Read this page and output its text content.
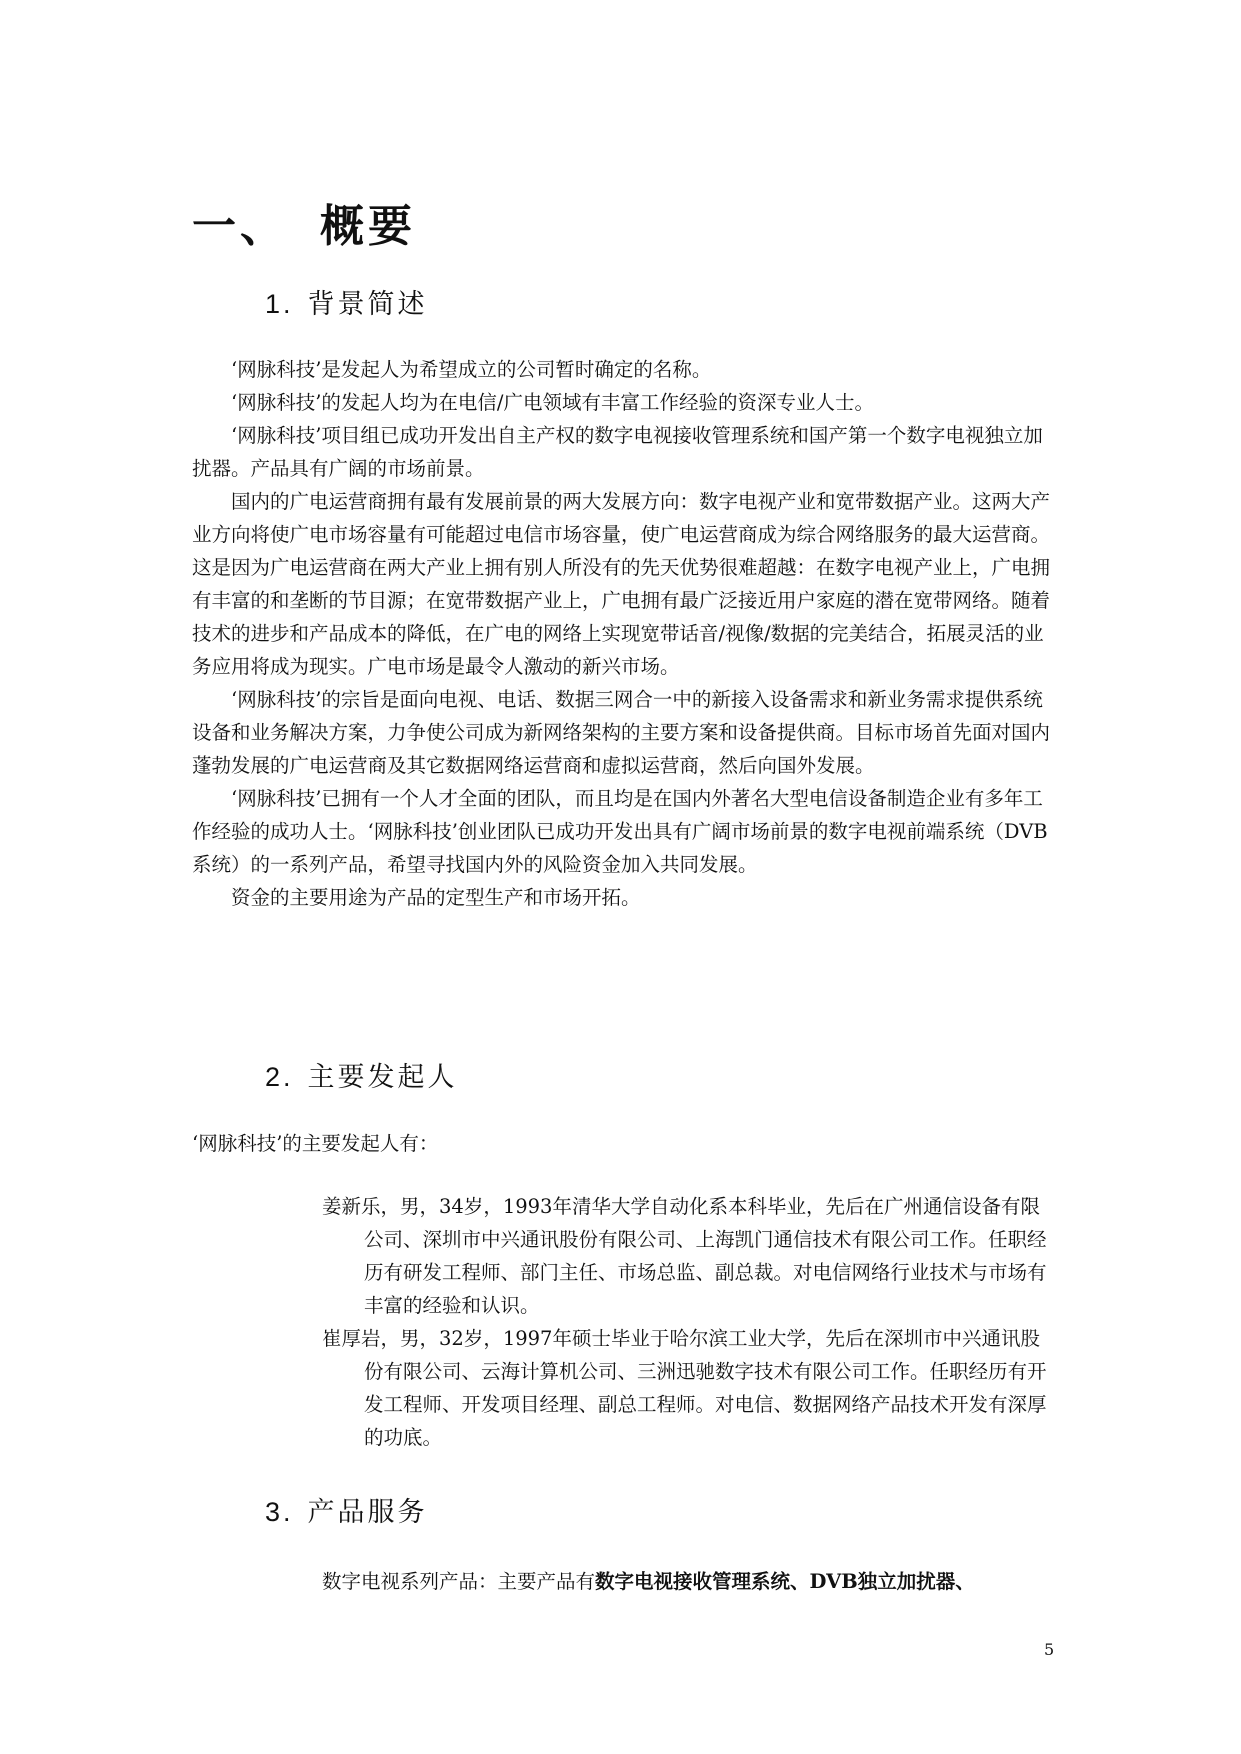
一、 概要
1. 背景简述

‘网脉科技’是发起人为希望成立的公司暂时确定的名称。

‘网脉科技’的发起人均为在电信/广电领域有丰富工作经验的资深专业人士。

‘网脉科技’项目组已成功开发出自主产权的数字电视接收管理系统和国产第一个数字电视独立加扰器。产品具有广阔的市场前景。

国内的广电运营商拥有最有发展前景的两大发展方向：数字电视产业和宽带数据产业。这两大产业方向将使广电市场容量有可能超过电信市场容量，使广电运营商成为综合网络服务的最大运营商。这是因为广电运营商在两大产业上拥有别人所没有的先天优势很难超越：在数字电视产业上，广电拥有丰富的和垄断的节目源；在宽带数据产业上，广电拥有最广泛接近用户家庭的潜在宽带网络。随着技术的进步和产品成本的降低，在广电的网络上实现宽带话音/视像/数据的完美结合，拓展灵活的业务应用将成为现实。广电市场是最令人激动的新兴市场。

‘网脉科技’的宗旨是面向电视、电话、数据三网合一中的新接入设备需求和新业务需求提供系统设备和业务解决方案，力争使公司成为新网络架构的主要方案和设备提供商。目标市场首先面对国内蓬勃发展的广电运营商及其它数据网络运营商和虚拟运营商，然后向国外发展。

‘网脉科技’已拥有一个人才全面的团队，而且均是在国内外著名大型电信设备制造企业有多年工作经验的成功人士。‘网脉科技’创业团队已成功开发出具有广阔市场前景的数字电视前端系统（DVB系统）的一系列产品，希望寻找国内外的风险资金加入共同发展。

资金的主要用途为产品的定型生产和市场开拓。

2. 主要发起人

‘网脉科技’的主要发起人有：

姜新乐，男，34岁，1993年清华大学自动化系本科毕业，先后在广州通信设备有限公司、深圳市中兴通讯股份有限公司、上海凯门通信技术有限公司工作。任职经历有研发工程师、部门主任、市场总监、副总裁。对电信网络行业技术与市场有丰富的经验和认识。

崔厚岩，男，32岁，1997年硕士毕业于哈尔滨工业大学，先后在深圳市中兴通讯股份有限公司、云海计算机公司、三洲迅驰数字技术有限公司工作。任职经历有开发工程师、开发项目经理、副总工程师。对电信、数据网络产品技术开发有深厚的功底。

3. 产品服务

数字电视系列产品：主要产品有数字电视接收管理系统、DVB独立加扰器、

5
